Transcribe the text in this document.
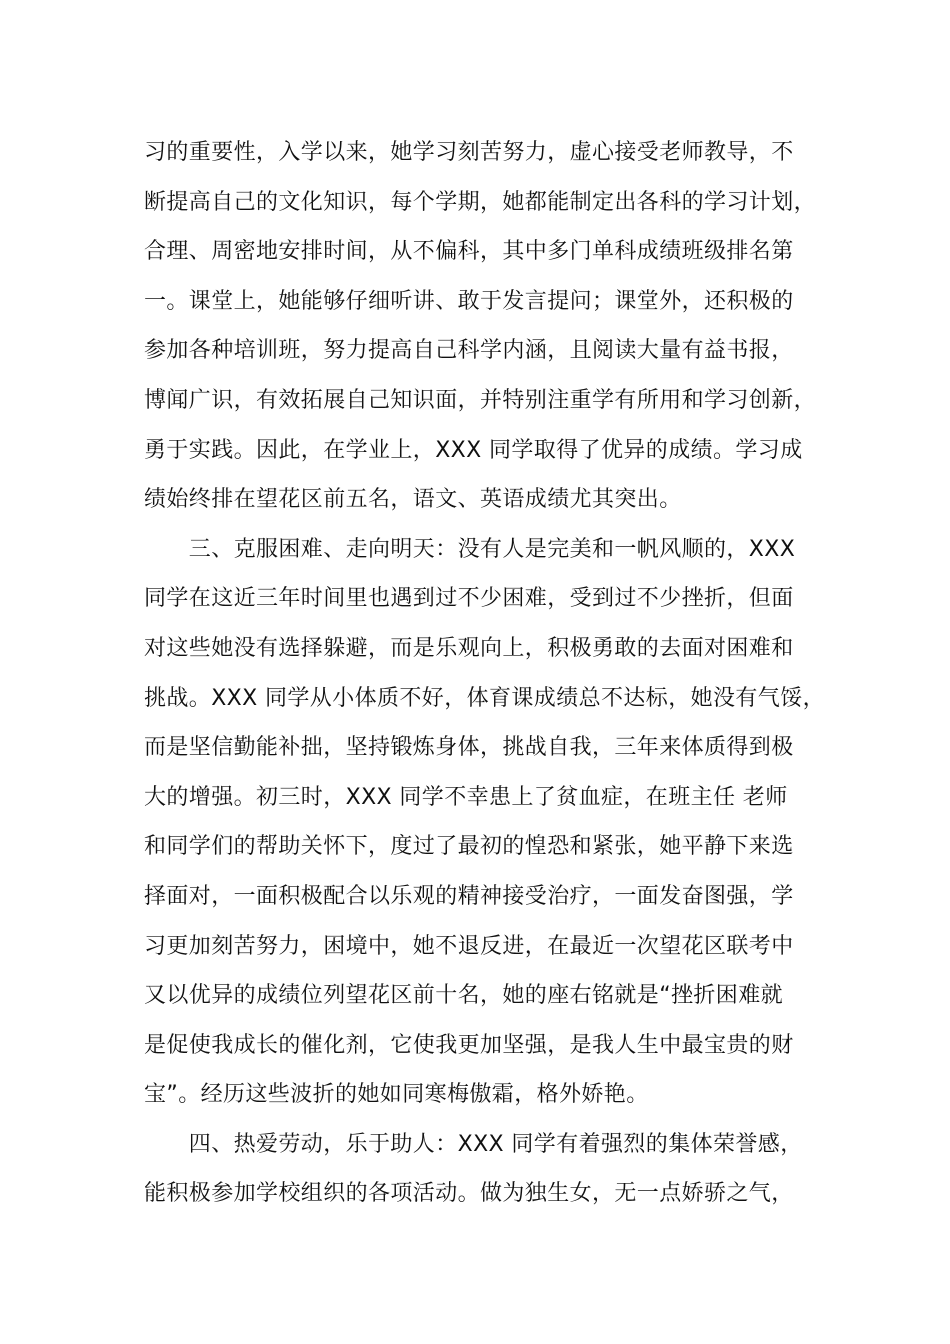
习的重要性，入学以来，她学习刻苦努力，虚心接受老师教导，不
断提高自己的文化知识，每个学期，她都能制定出各科的学习计划，
合理、周密地安排时间，从不偏科，其中多门单科成绩班级排名第
一。课堂上，她能够仔细听讲、敢于发言提问；课堂外，还积极的
参加各种培训班，努力提高自己科学内涵，且阅读大量有益书报，
博闻广识，有效拓展自己知识面，并特别注重学有所用和学习创新，
勇于实践。因此，在学业上，XXX 同学取得了优异的成绩。学习成
绩始终排在望花区前五名，语文、英语成绩尤其突出。
　　三、克服困难、走向明天：没有人是完美和一帆风顺的，XXX
同学在这近三年时间里也遇到过不少困难，受到过不少挫折，但面
对这些她没有选择躲避，而是乐观向上，积极勇敢的去面对困难和
挑战。XXX 同学从小体质不好，体育课成绩总不达标，她没有气馁，
而是坚信勤能补拙，坚持锻炼身体，挑战自我，三年来体质得到极
大的增强。初三时，XXX 同学不幸患上了贫血症，在班主任 老师
和同学们的帮助关怀下，度过了最初的惶恐和紧张，她平静下来选
择面对，一面积极配合以乐观的精神接受治疗，一面发奋图强，学
习更加刻苦努力，困境中，她不退反进，在最近一次望花区联考中
又以优异的成绩位列望花区前十名，她的座右铭就是“挫折困难就
是促使我成长的催化剂，它使我更加坚强，是我人生中最宝贵的财
宝”。经历这些波折的她如同寒梅傲霜，格外娇艳。
　　四、热爱劳动，乐于助人：XXX 同学有着强烈的集体荣誉感，
能积极参加学校组织的各项活动。做为独生女，无一点娇骄之气，
